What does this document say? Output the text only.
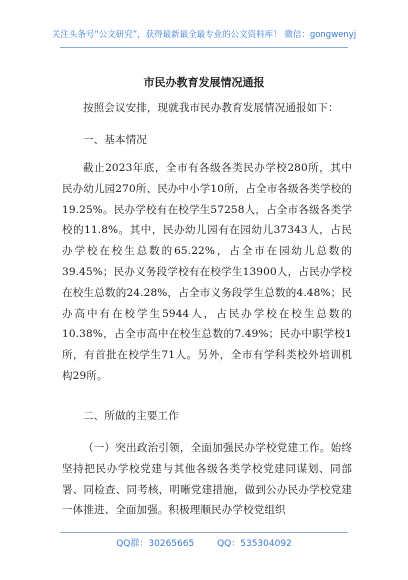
关注头条号“公文研究”，获得最新最全最专业的公文资料库！ 微信：gongwenyj
市民办教育发展情况通报
按照会议安排，现就我市民办教育发展情况通报如下：
一、基本情况
截止2023年底，全市有各级各类民办学校280所，其中民办幼儿园270所、民办中小学10所，占全市各级各类学校的19.25%。民办学校有在校学生57258人，占全市各级各类学校的11.8%。其中，民办幼儿园有在园幼儿37343人，占民办学校在校生总数的65.22%，占全市在园幼儿总数的39.45%；民办义务段学校有在校学生13900人，占民办学校在校生总数的24.28%，占全市义务段学生总数的4.48%；民办高中有在校学生5944人，占民办学校在校生总数的10.38%，占全市高中在校生总数的7.49%；民办中职学校1所，有首批在校学生71人。另外，全市有学科类校外培训机构29所。
二、所做的主要工作
（一）突出政治引领，全面加强民办学校党建工作。始终坚持把民办学校党建与其他各级各类学校党建同谋划、同部署、同检查、同考核，明晰党建措施，做到公办民办学校党建一体推进、全面加强。积极理顺民办学校党组织
QQ群：30265665	QQ：535304092
